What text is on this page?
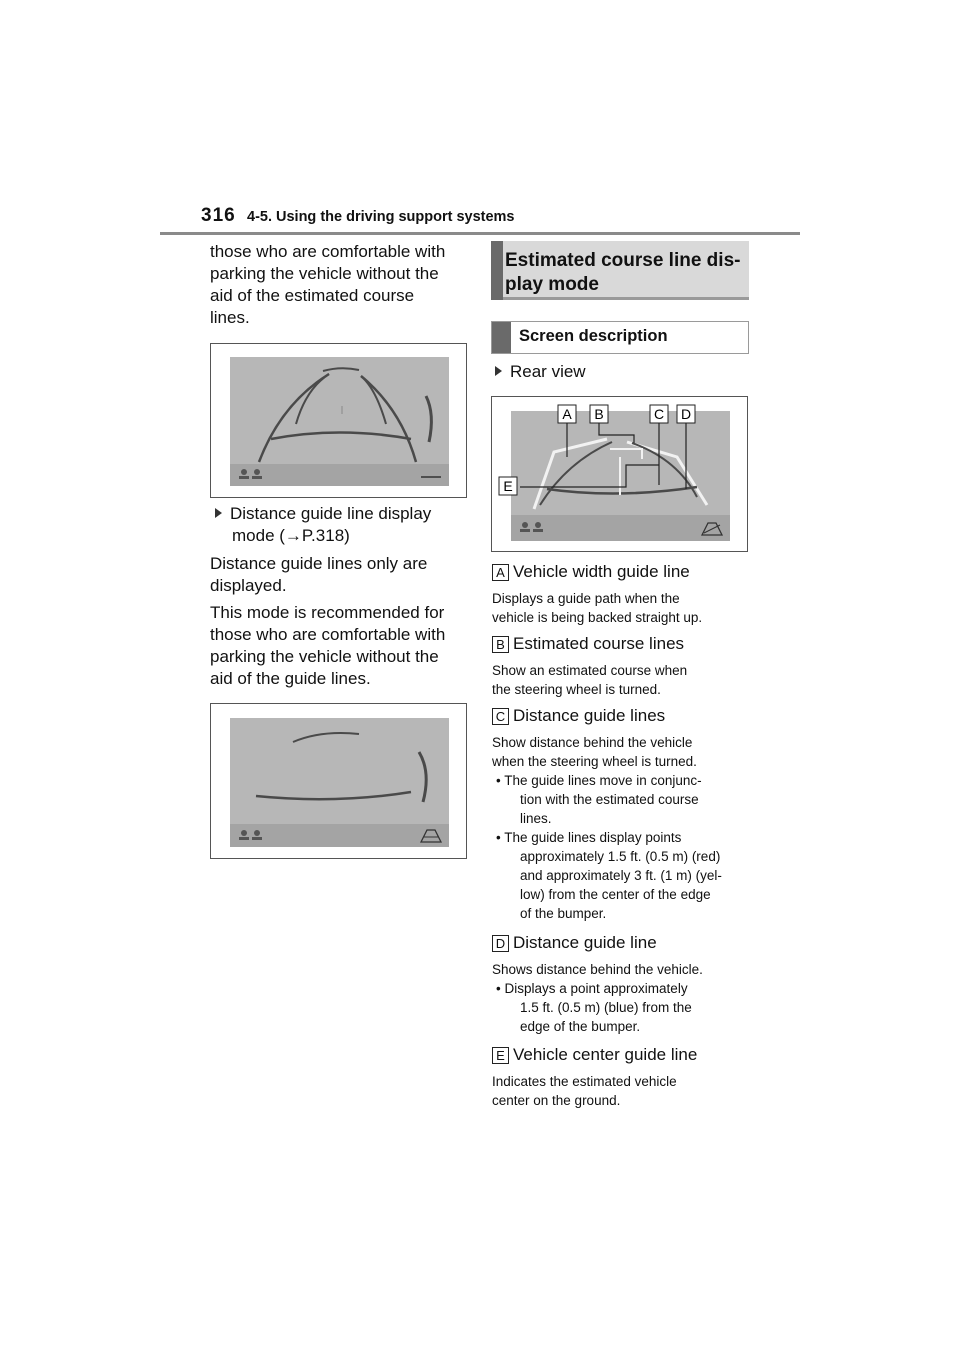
316 4-5. Using the driving support systems
those who are comfortable with
parking the vehicle without the
aid of the estimated course
lines.
Distance guide line display
mode (→P.318)
Distance guide lines only are
displayed.
This mode is recommended for
those who are comfortable with
parking the vehicle without the
aid of the guide lines.
Estimated course line dis-
play mode
Screen description
Rear view
A B	C D
E
A Vehicle width guide line
Displays a guide path when the
vehicle is being backed straight up.
B Estimated course lines
Show an estimated course when
the steering wheel is turned.
C Distance guide lines
Show distance behind the vehicle
when the steering wheel is turned.
• The guide lines move in conjunc-
tion with the estimated course
lines.
• The guide lines display points
approximately 1.5 ft. (0.5 m) (red)
and approximately 3 ft. (1 m) (yel-
low) from the center of the edge
of the bumper.
D Distance guide line
Shows distance behind the vehicle.
• Displays a point approximately
1.5 ft. (0.5 m) (blue) from the
edge of the bumper.
E Vehicle center guide line
Indicates the estimated vehicle
center on the ground.
